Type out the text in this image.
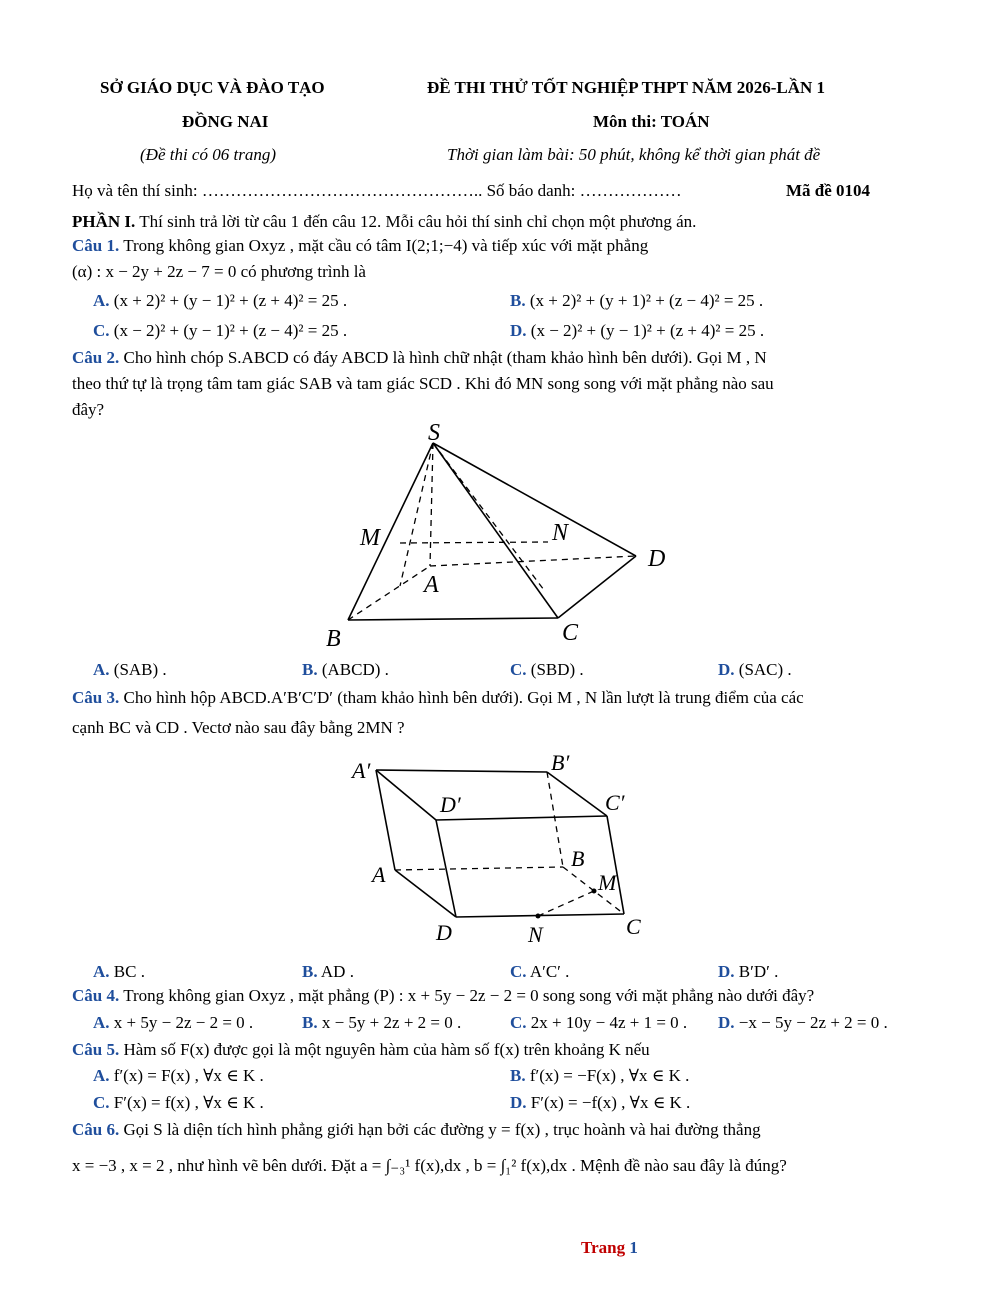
SỞ GIÁO DỤC VÀ ĐÀO TẠO
ĐỒNG NAI
(Đề thi có 06 trang)
ĐỀ THI THỬ TỐT NGHIỆP THPT NĂM 2026-LẦN 1
Môn thi: TOÁN
Thời gian làm bài: 50 phút, không kể thời gian phát đề
Họ và tên thí sinh: ………………………………………….. Số báo danh: ………………	Mã đề 0104
PHẦN I. Thí sinh trả lời từ câu 1 đến câu 12. Mỗi câu hỏi thí sinh chỉ chọn một phương án.
Câu 1. Trong không gian Oxyz , mặt cầu có tâm I(2;1;−4) và tiếp xúc với mặt phẳng
(α) : x − 2y + 2z − 7 = 0 có phương trình là
A. (x + 2)² + (y − 1)² + (z + 4)² = 25 .	B. (x + 2)² + (y + 1)² + (z − 4)² = 25 .
C. (x − 2)² + (y − 1)² + (z − 4)² = 25 .	D. (x − 2)² + (y − 1)² + (z + 4)² = 25 .
Câu 2. Cho hình chóp S.ABCD có đáy ABCD là hình chữ nhật (tham khảo hình bên dưới). Gọi M , N
theo thứ tự là trọng tâm tam giác SAB và tam giác SCD . Khi đó MN song song với mặt phẳng nào sau
đây?
S
M	N
D
A
B	C
A′	B′
D′	C′
A
B
M
D	N	C
A. (SAB) .	B. (ABCD) .	C. (SBD) .	D. (SAC) .
Câu 3. Cho hình hộp ABCD.A′B′C′D′ (tham khảo hình bên dưới). Gọi M , N lần lượt là trung điểm của các
cạnh BC và CD . Vectơ nào sau đây bằng 2MN ?
A. BC .	B. AD .	C. A′C′ .	D. B′D′ .
Câu 4. Trong không gian Oxyz , mặt phẳng (P) : x + 5y − 2z − 2 = 0 song song với mặt phẳng nào dưới đây?
A. x + 5y − 2z − 2 = 0 .	B. x − 5y + 2z + 2 = 0 .	C. 2x + 10y − 4z + 1 = 0 . D. −x − 5y − 2z + 2 = 0 .
Câu 5. Hàm số F(x) được gọi là một nguyên hàm của hàm số f(x) trên khoảng K nếu
A. f′(x) = F(x) , ∀x ∈ K .	B. f′(x) = −F(x) , ∀x ∈ K .
C. F′(x) = f(x) , ∀x ∈ K .	D. F′(x) = −f(x) , ∀x ∈ K .
Câu 6. Gọi S là diện tích hình phẳng giới hạn bởi các đường y = f(x) , trục hoành và hai đường thẳng
x = −3 , x = 2 , như hình vẽ bên dưới. Đặt a = ∫₋₃¹ f(x),dx , b = ∫₁² f(x),dx . Mệnh đề nào sau đây là đúng?
Trang 1
